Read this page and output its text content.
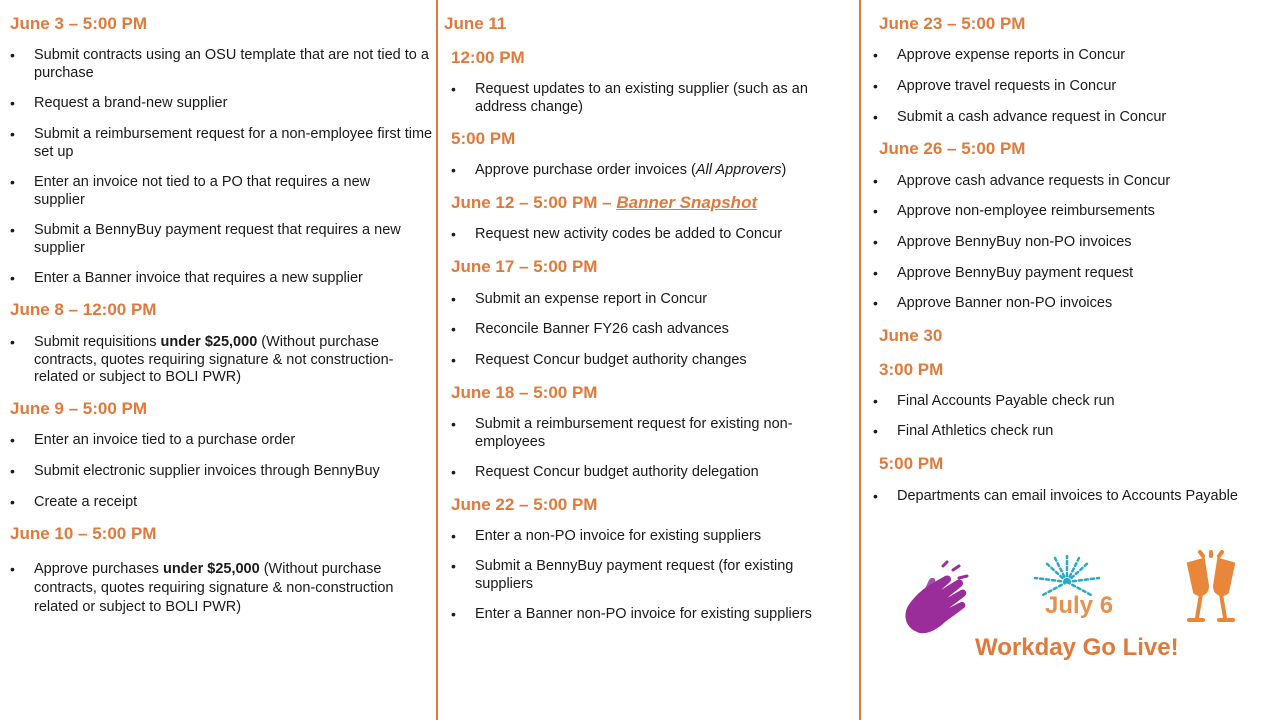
June 3 – 5:00 PM
• Submit contracts using an OSU template that are not tied to a purchase
• Request a brand-new supplier
• Submit a reimbursement request for a non-employee first time set up
• Enter an invoice not tied to a PO that requires a new supplier
• Submit a BennyBuy payment request that requires a new supplier
• Enter a Banner invoice that requires a new supplier
June 8 – 12:00 PM
• Submit requisitions under $25,000 (Without purchase contracts, quotes requiring signature & not construction-related or subject to BOLI PWR)
June 9 – 5:00 PM
• Enter an invoice tied to a purchase order
• Submit electronic supplier invoices through BennyBuy
• Create a receipt
June 10 – 5:00 PM
• Approve purchases under $25,000 (Without purchase contracts, quotes requiring signature & non-construction related or subject to BOLI PWR)
June 11
12:00 PM
• Request updates to an existing supplier (such as an address change)
5:00 PM
• Approve purchase order invoices (All Approvers)
June 12 – 5:00 PM – Banner Snapshot
• Request new activity codes be added to Concur
June 17 – 5:00 PM
• Submit an expense report in Concur
• Reconcile Banner FY26 cash advances
• Request Concur budget authority changes
June 18 – 5:00 PM
• Submit a reimbursement request for existing non-employees
• Request Concur budget authority delegation
June 22 – 5:00 PM
• Enter a non-PO invoice for existing suppliers
• Submit a BennyBuy payment request (for existing suppliers
• Enter a Banner non-PO invoice for existing suppliers
June 23 – 5:00 PM
• Approve expense reports in Concur
• Approve travel requests in Concur
• Submit a cash advance request in Concur
June 26 – 5:00 PM
• Approve cash advance requests in Concur
• Approve non-employee reimbursements
• Approve BennyBuy non-PO invoices
• Approve BennyBuy payment request
• Approve Banner non-PO invoices
June 30
3:00 PM
• Final Accounts Payable check run
• Final Athletics check run
5:00 PM
• Departments can email invoices to Accounts Payable
July 6
Workday Go Live!
